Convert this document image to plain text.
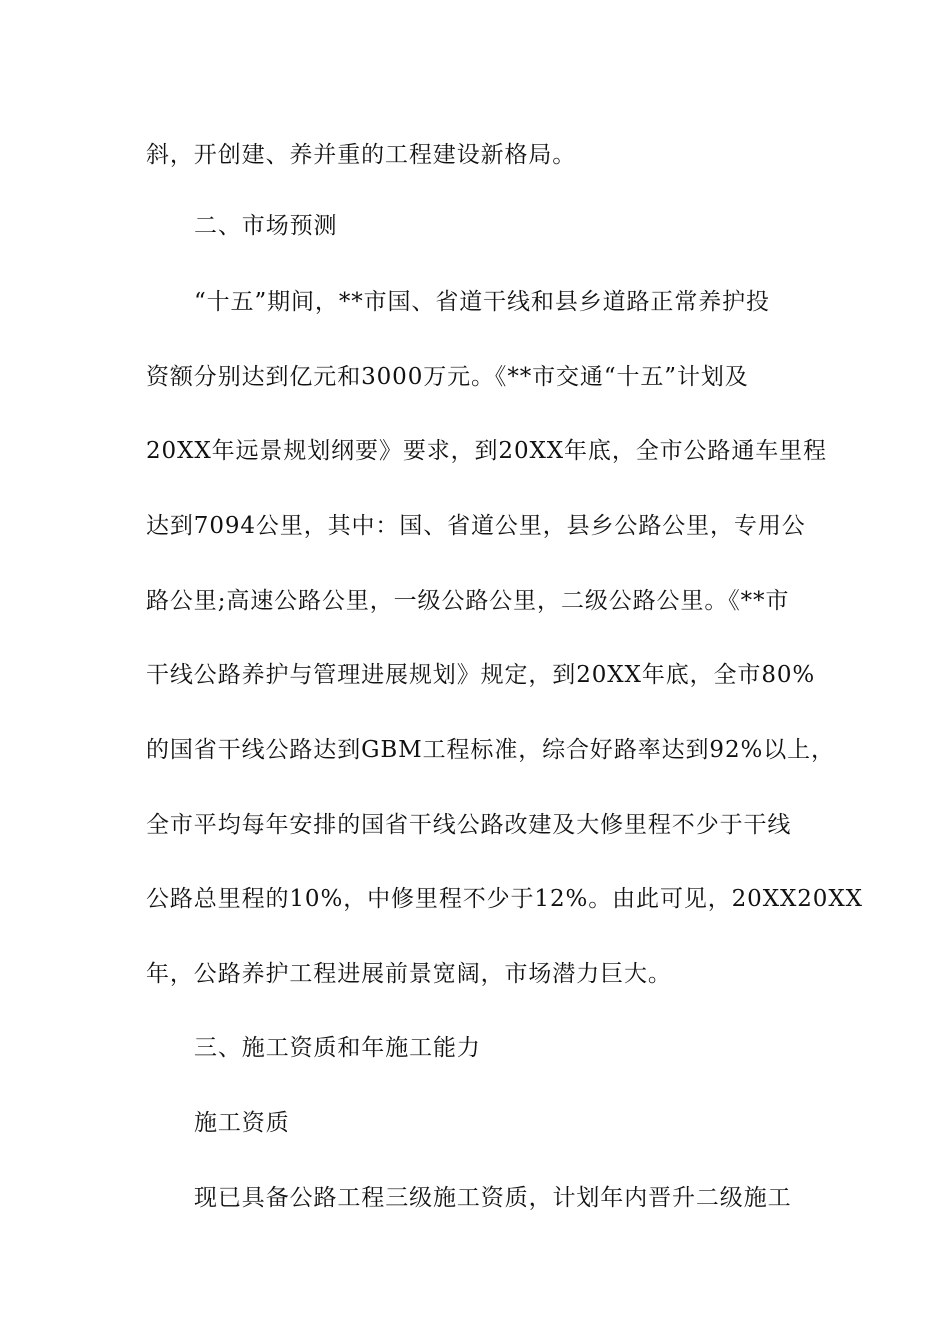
斜，开创建、养并重的工程建设新格局。
二、市场预测
“十五”期间，**市国、省道干线和县乡道路正常养护投
资额分别达到亿元和3000万元。《**市交通“十五”计划及
20XX年远景规划纲要》要求，到20XX年底，全市公路通车里程
达到7094公里，其中：国、省道公里，县乡公路公里，专用公
路公里;高速公路公里，一级公路公里，二级公路公里。《**市
干线公路养护与管理进展规划》规定，到20XX年底，全市80%
的国省干线公路达到GBM工程标准，综合好路率达到92%以上，
全市平均每年安排的国省干线公路改建及大修里程不少于干线
公路总里程的10%，中修里程不少于12%。由此可见，20XX20XX
年，公路养护工程进展前景宽阔，市场潜力巨大。
三、施工资质和年施工能力
施工资质
现已具备公路工程三级施工资质，计划年内晋升二级施工
